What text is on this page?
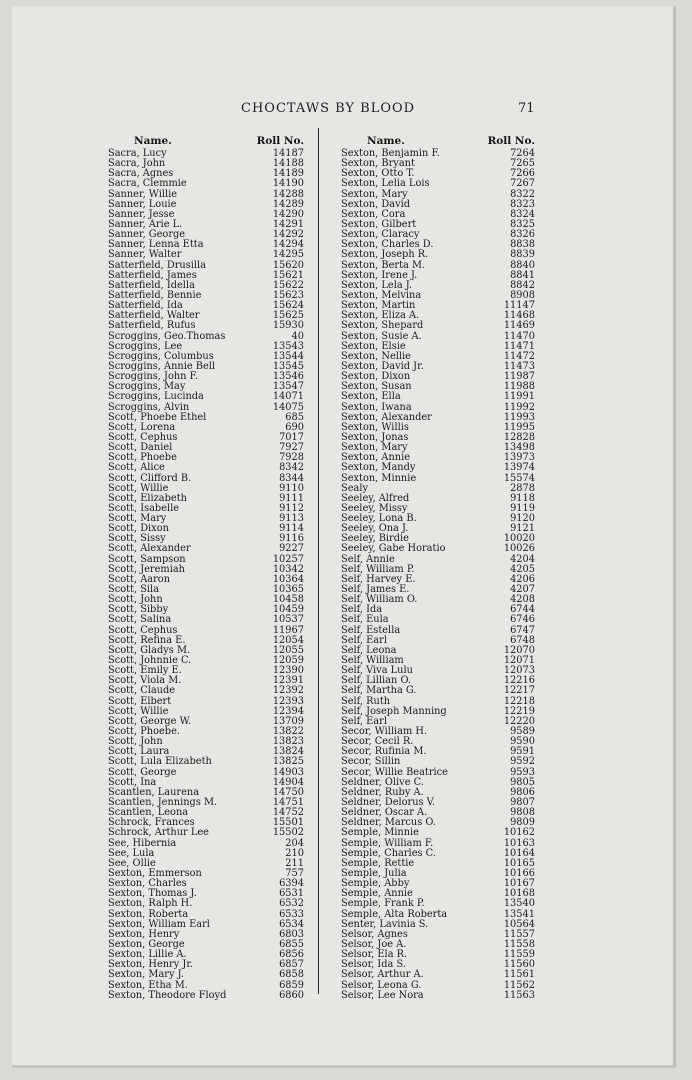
CHOCTAWS BY BLOOD	71
Name.	Roll No.
Sacra, Lucy	14187
Sacra, John	14188
Sacra, Agnes	14189
Sacra, Clemmie	14190
Sanner, Willie	14288
Sanner, Louie	14289
Sanner, Jesse	14290
Sanner, Arie L.	14291
Sanner, George	14292
Sanner, Lenna Etta	14294
Sanner, Walter	14295
Satterfield, Drusilla	15620
Satterfield, James	15621
Satterfield, Idella	15622
Satterfield, Bennie	15623
Satterfield, Ida	15624
Satterfield, Walter	15625
Satterfield, Rufus	15930
Scroggins, Geo.Thomas	40
Scroggins, Lee	13543
Scroggins, Columbus	13544
Scroggins, Annie Bell	13545
Scroggins, John F.	13546
Scroggins, May	13547
Scroggins, Lucinda	14071
Scroggins, Alvin	14075
Scott, Phoebe Ethel	685
Scott, Lorena	690
Scott, Cephus	7017
Scott, Daniel	7927
Scott, Phoebe	7928
Scott, Alice	8342
Scott, Clifford B.	8344
Scott, Willie	9110
Scott, Elizabeth	9111
Scott, Isabelle	9112
Scott, Mary	9113
Scott, Dixon	9114
Scott, Sissy	9116
Scott, Alexander	9227
Scott, Sampson	10257
Scott, Jeremiah	10342
Scott, Aaron	10364
Scott, Sila	10365
Scott, John	10458
Scott, Sibby	10459
Scott, Salina	10537
Scott, Cephus	11967
Scott, Refina E.	12054
Scott, Gladys M.	12055
Scott, Johnnie C.	12059
Scott, Emily E.	12390
Scott, Viola M.	12391
Scott, Claude	12392
Scott, Elbert	12393
Scott, Willie	12394
Scott, George W.	13709
Scott, Phoebe.	13822
Scott, John	13823
Scott, Laura	13824
Scott, Lula Elizabeth	13825
Scott, George	14903
Scott, Ina	14904
Scantlen, Laurena	14750
Scantlen, Jennings M.	14751
Scantlen, Leona	14752
Schrock, Frances	15501
Schrock, Arthur Lee	15502
See, Hibernia	204
See, Lula	210
See, Ollie	211
Sexton, Emmerson	757
Sexton, Charles	6394
Sexton, Thomas J.	6531
Sexton, Ralph H.	6532
Sexton, Roberta	6533
Sexton, William Earl	6534
Sexton, Henry	6803
Sexton, George	6855
Sexton, Lillie A.	6856
Sexton, Henry Jr.	6857
Sexton, Mary J.	6858
Sexton, Etha M.	6859
Sexton, Theodore Floyd	6860
Name.	Roll No.
Sexton, Benjamin F.	7264
Sexton, Bryant	7265
Sexton, Otto T.	7266
Sexton, Lelia Lois	7267
Sexton, Mary	8322
Sexton, David	8323
Sexton, Cora	8324
Sexton, Gilbert	8325
Sexton, Claracy	8326
Sexton, Charles D.	8838
Sexton, Joseph R.	8839
Sexton, Berta M.	8840
Sexton, Irene J.	8841
Sexton, Lela J.	8842
Sexton, Melvina	8908
Sexton, Martin	11147
Sexton, Eliza A.	11468
Sexton, Shepard	11469
Sexton, Susie A.	11470
Sexton, Elsie	11471
Sexton, Nellie	11472
Sexton, David Jr.	11473
Sexton, Dixon	11987
Sexton, Susan	11988
Sexton, Ella	11991
Sexton, Iwana	11992
Sexton, Alexander	11993
Sexton, Willis	11995
Sexton, Jonas	12828
Sexton, Mary	13498
Sexton, Annie	13973
Sexton, Mandy	13974
Sexton, Minnie	15574
Sealy	2878
Seeley, Alfred	9118
Seeley, Missy	9119
Seeley, Lona B.	9120
Seeley, Ona J.	9121
Seeley, Birdie	10020
Seeley, Gabe Horatio	10026
Self, Annie	4204
Self, William P.	4205
Self, Harvey E.	4206
Self, James E.	4207
Self, William O.	4208
Self, Ida	6744
Self, Eula	6746
Self, Estella	6747
Self, Earl	6748
Self, Leona	12070
Self, William	12071
Self, Viva Lulu	12073
Self, Lillian O.	12216
Self, Martha G.	12217
Self, Ruth	12218
Self, Joseph Manning	12219
Self, Earl	12220
Secor, William H.	9589
Secor, Cecil R.	9590
Secor, Rufinia M.	9591
Secor, Sillin	9592
Secor, Willie Beatrice	9593
Seldner, Olive C.	9805
Seldner, Ruby A.	9806
Seldner, Delorus V.	9807
Seldner, Oscar A.	9808
Seldner, Marcus O.	9809
Semple, Minnie	10162
Semple, William F.	10163
Semple, Charles C.	10164
Semple, Rettie	10165
Semple, Julia	10166
Semple, Abby	10167
Semple, Annie	10168
Semple, Frank P.	13540
Semple, Alta Roberta	13541
Senter, Lavinia S.	10564
Selsor, Agnes	11557
Selsor, Joe A.	11558
Selsor, Ela R.	11559
Selsor, Ida S.	11560
Selsor, Arthur A.	11561
Selsor, Leona G.	11562
Selsor, Lee Nora	11563
